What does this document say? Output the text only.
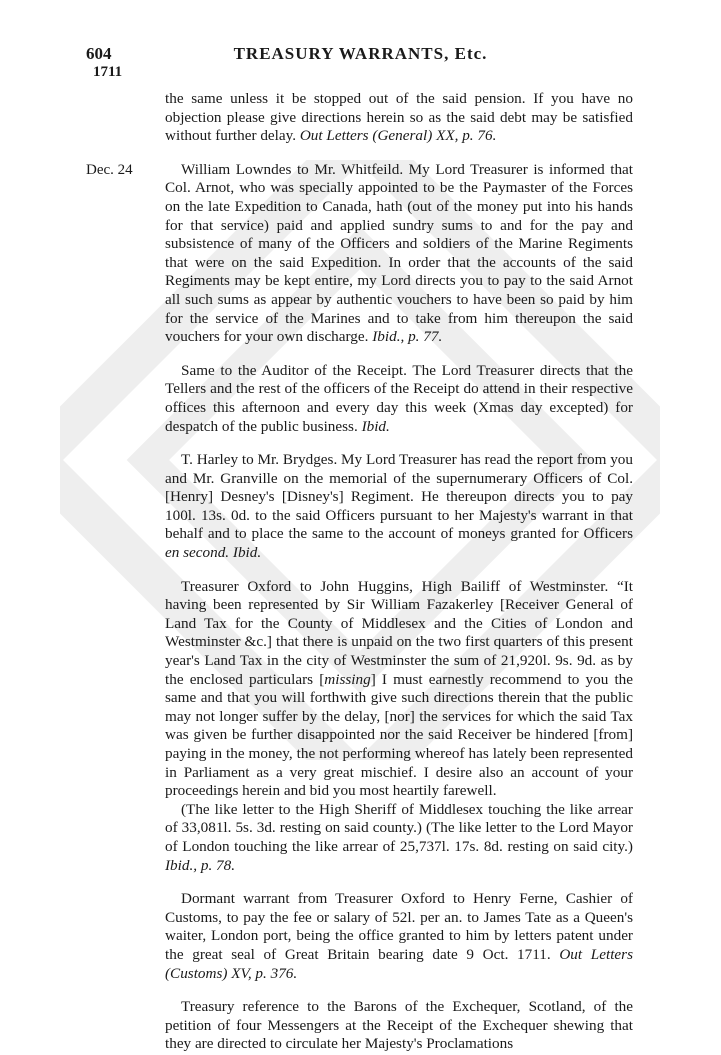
604
1711
TREASURY WARRANTS, Etc.
the same unless it be stopped out of the said pension. If you have no objection please give directions herein so as the said debt may be satisfied without further delay. Out Letters (General) XX, p. 76.
Dec. 24	William Lowndes to Mr. Whitfeild. My Lord Treasurer is informed that Col. Arnot, who was specially appointed to be the Paymaster of the Forces on the late Expedition to Canada, hath (out of the money put into his hands for that service) paid and applied sundry sums to and for the pay and subsistence of many of the Officers and soldiers of the Marine Regiments that were on the said Expedition. In order that the accounts of the said Regiments may be kept entire, my Lord directs you to pay to the said Arnot all such sums as appear by authentic vouchers to have been so paid by him for the service of the Marines and to take from him thereupon the said vouchers for your own discharge. Ibid., p. 77.
Same to the Auditor of the Receipt. The Lord Treasurer directs that the Tellers and the rest of the officers of the Receipt do attend in their respective offices this afternoon and every day this week (Xmas day excepted) for despatch of the public business. Ibid.
T. Harley to Mr. Brydges. My Lord Treasurer has read the report from you and Mr. Granville on the memorial of the supernumerary Officers of Col. [Henry] Desney's [Disney's] Regiment. He thereupon directs you to pay 100l. 13s. 0d. to the said Officers pursuant to her Majesty's warrant in that behalf and to place the same to the account of moneys granted for Officers en second. Ibid.
Treasurer Oxford to John Huggins, High Bailiff of Westminster. “It having been represented by Sir William Fazakerley [Receiver General of Land Tax for the County of Middlesex and the Cities of London and Westminster &c.] that there is unpaid on the two first quarters of this present year's Land Tax in the city of Westminster the sum of 21,920l. 9s. 9d. as by the enclosed particulars [missing] I must earnestly recommend to you the same and that you will forthwith give such directions therein that the public may not longer suffer by the delay, [nor] the services for which the said Tax was given be further disappointed nor the said Receiver be hindered [from] paying in the money, the not performing whereof has lately been represented in Parliament as a very great mischief. I desire also an account of your proceedings herein and bid you most heartily farewell.
(The like letter to the High Sheriff of Middlesex touching the like arrear of 33,081l. 5s. 3d. resting on said county.) (The like letter to the Lord Mayor of London touching the like arrear of 25,737l. 17s. 8d. resting on said city.) Ibid., p. 78.
Dormant warrant from Treasurer Oxford to Henry Ferne, Cashier of Customs, to pay the fee or salary of 52l. per an. to James Tate as a Queen's waiter, London port, being the office granted to him by letters patent under the great seal of Great Britain bearing date 9 Oct. 1711. Out Letters (Customs) XV, p. 376.
Treasury reference to the Barons of the Exchequer, Scotland, of the petition of four Messengers at the Receipt of the Exchequer shewing that they are directed to circulate her Majesty's Proclamations
